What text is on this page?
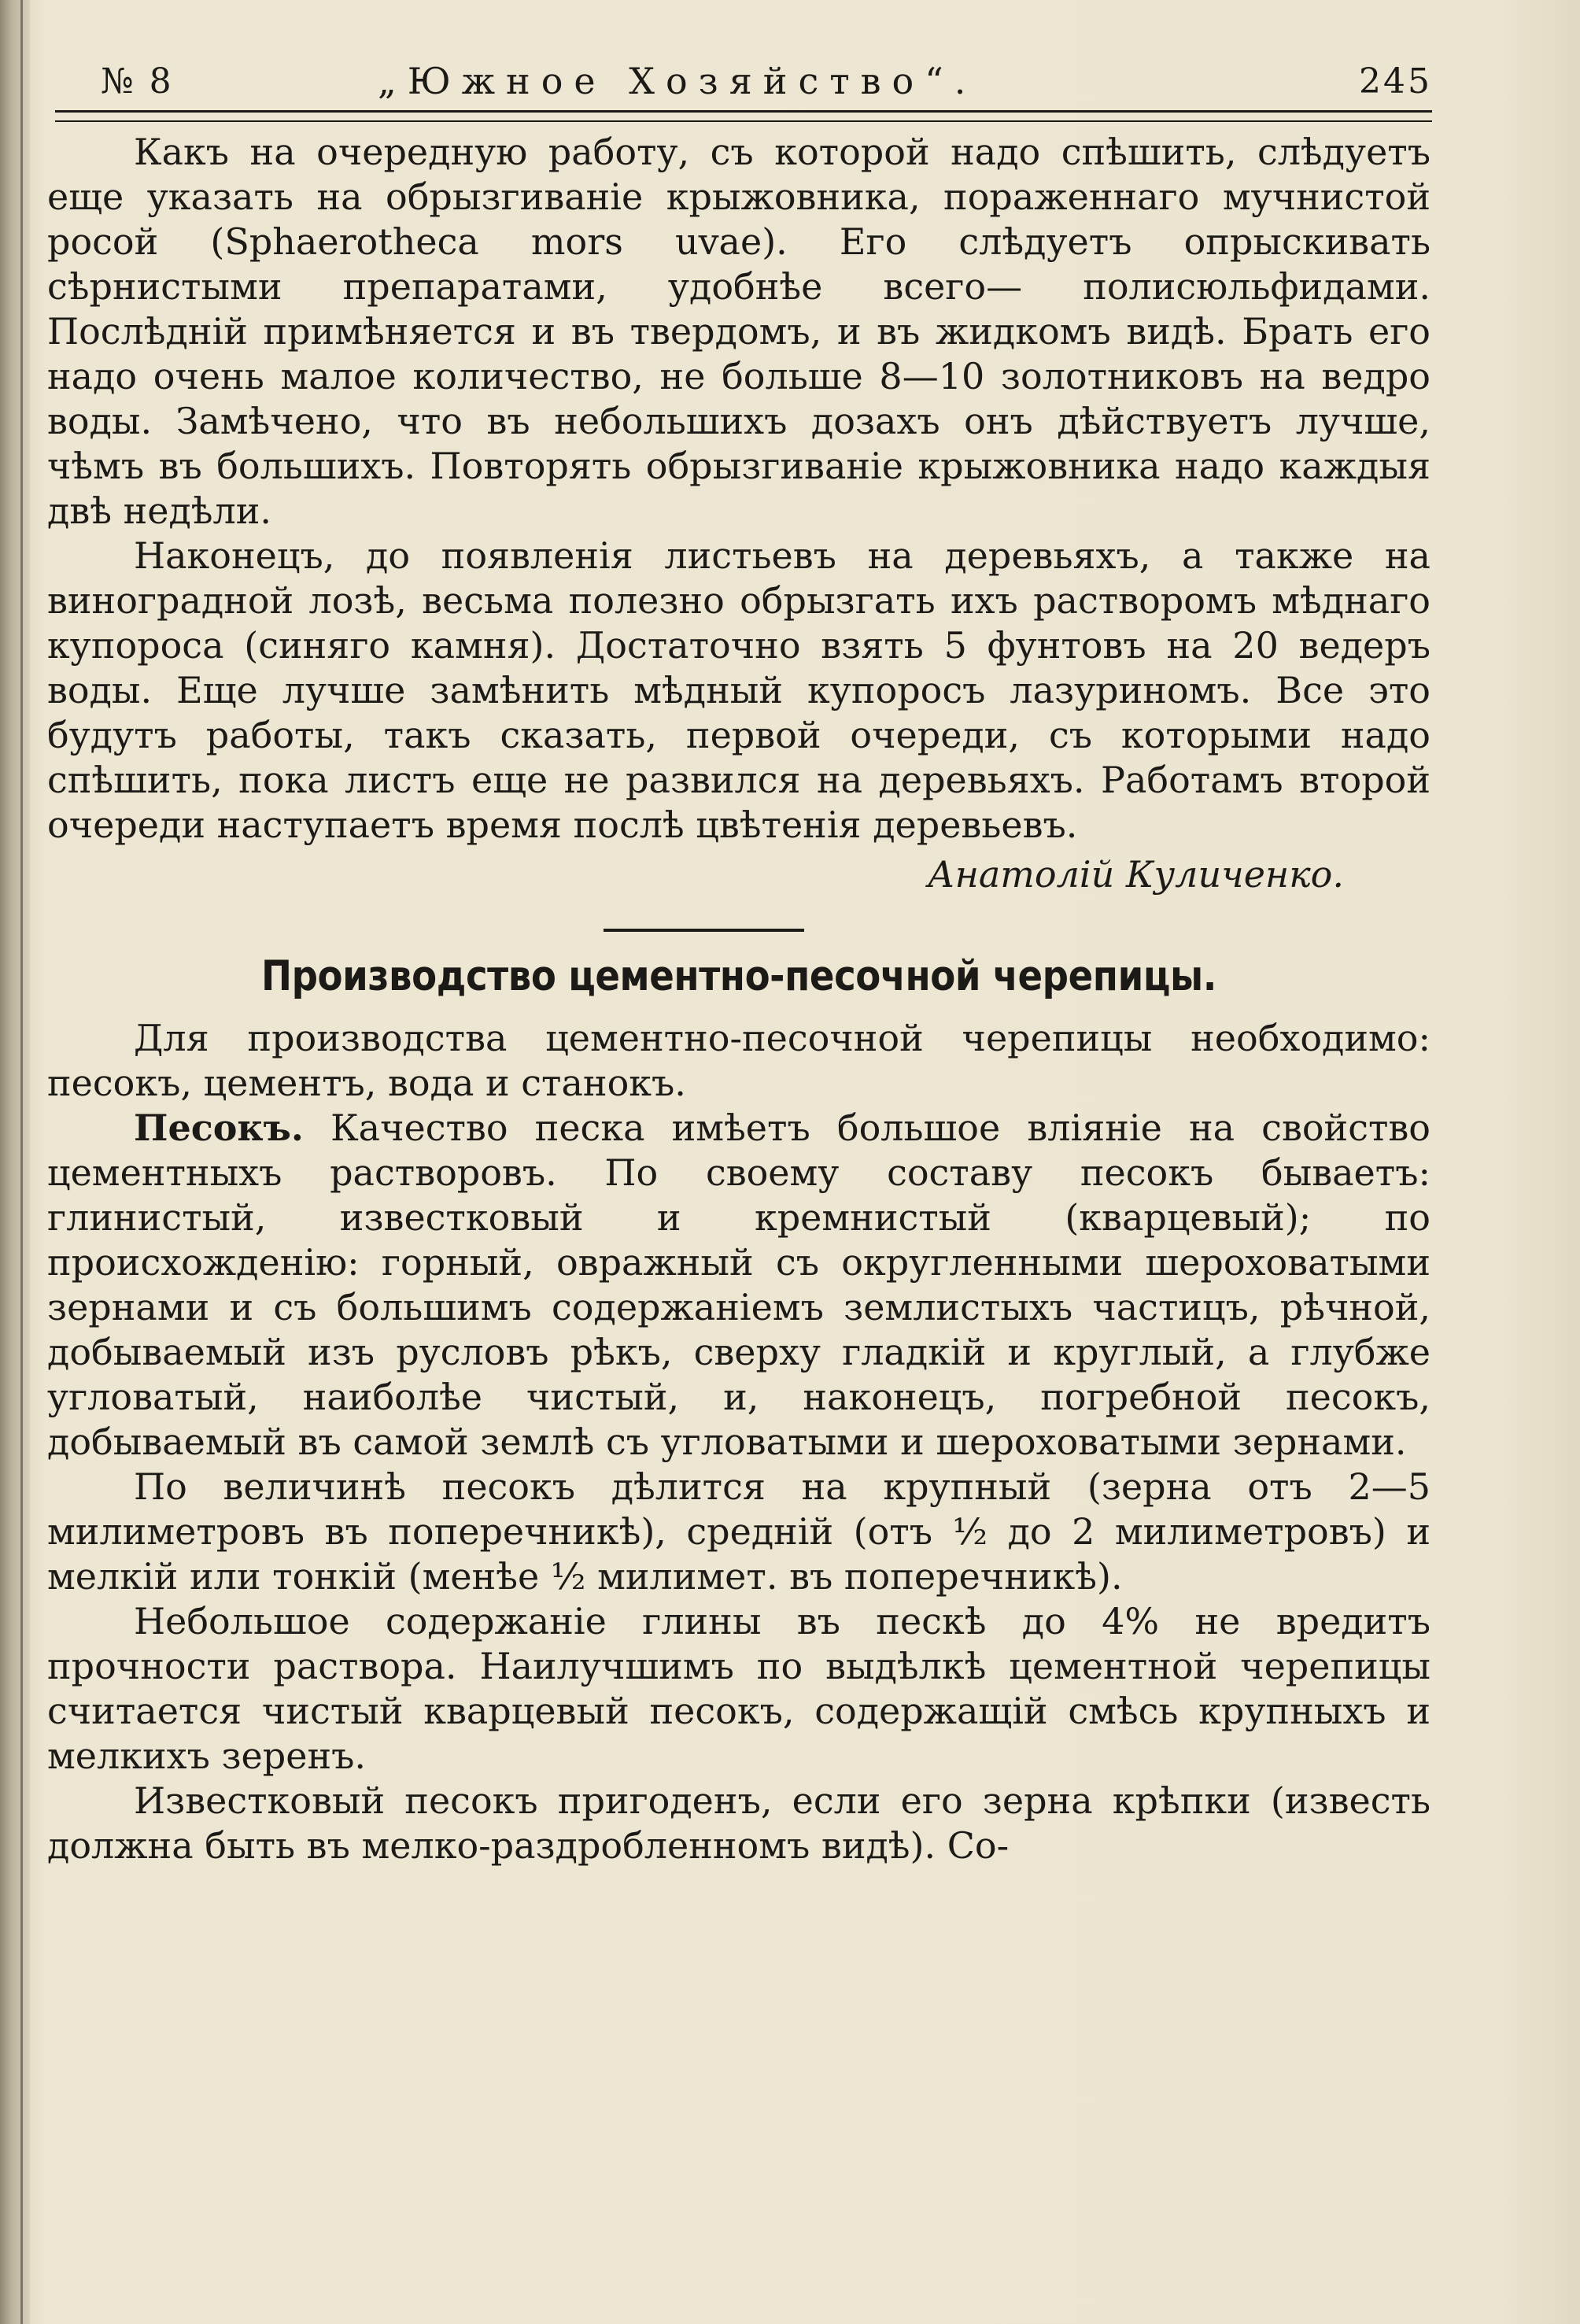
№ 8	„Южное Хозяйство“.	245

Какъ на очередную работу, съ которой надо спѣшить, слѣдуетъ еще указать на обрызгиваніе крыжовника, пораженнаго мучнистой росой (Sphaerotheca mors uvae). Его слѣдуетъ опрыскивать сѣрнистыми препаратами, удобнѣе всего— полисюльфидами. Послѣдній примѣняется и въ твердомъ, и въ жидкомъ видѣ. Брать его надо очень малое количество, не больше 8—10 золотниковъ на ведро воды. Замѣчено, что въ небольшихъ дозахъ онъ дѣйствуетъ лучше, чѣмъ въ большихъ. Повторять обрызгиваніе крыжовника надо каждыя двѣ недѣли.

Наконецъ, до появленія листьевъ на деревьяхъ, а также на виноградной лозѣ, весьма полезно обрызгать ихъ растворомъ мѣднаго купороса (синяго камня). Достаточно взять 5 фунтовъ на 20 ведеръ воды. Еще лучше замѣнить мѣдный купоросъ лазуриномъ. Все это будутъ работы, такъ сказать, первой очереди, съ которыми надо спѣшить, пока листъ еще не развился на деревьяхъ. Работамъ второй очереди наступаетъ время послѣ цвѣтенія деревьевъ.

Анатолій Куличенко.
Производство цементно-песочной черепицы.

Для производства цементно-песочной черепицы необходимо: песокъ, цементъ, вода и станокъ.

Песокъ. Качество песка имѣетъ большое вліяніе на свойство цементныхъ растворовъ. По своему составу песокъ бываетъ: глинистый, известковый и кремнистый (кварцевый); по происхожденію: горный, овражный съ округленными шероховатыми зернами и съ большимъ содержаніемъ землистыхъ частицъ, рѣчной, добываемый изъ русловъ рѣкъ, сверху гладкій и круглый, а глубже угловатый, наиболѣе чистый, и, наконецъ, погребной песокъ, добываемый въ самой землѣ съ угловатыми и шероховатыми зернами.

По величинѣ песокъ дѣлится на крупный (зерна отъ 2—5 милиметровъ въ поперечникѣ), средній (отъ ½ до 2 милиметровъ) и мелкій или тонкій (менѣе ½ милимет. въ поперечникѣ).

Небольшое содержаніе глины въ пескѣ до 4% не вредитъ прочности раствора. Наилучшимъ по выдѣлкѣ цементной черепицы считается чистый кварцевый песокъ, содержащій смѣсь крупныхъ и мелкихъ зеренъ.

Известковый песокъ пригоденъ, если его зерна крѣпки (известь должна быть въ мелко-раздробленномъ видѣ). Со-
